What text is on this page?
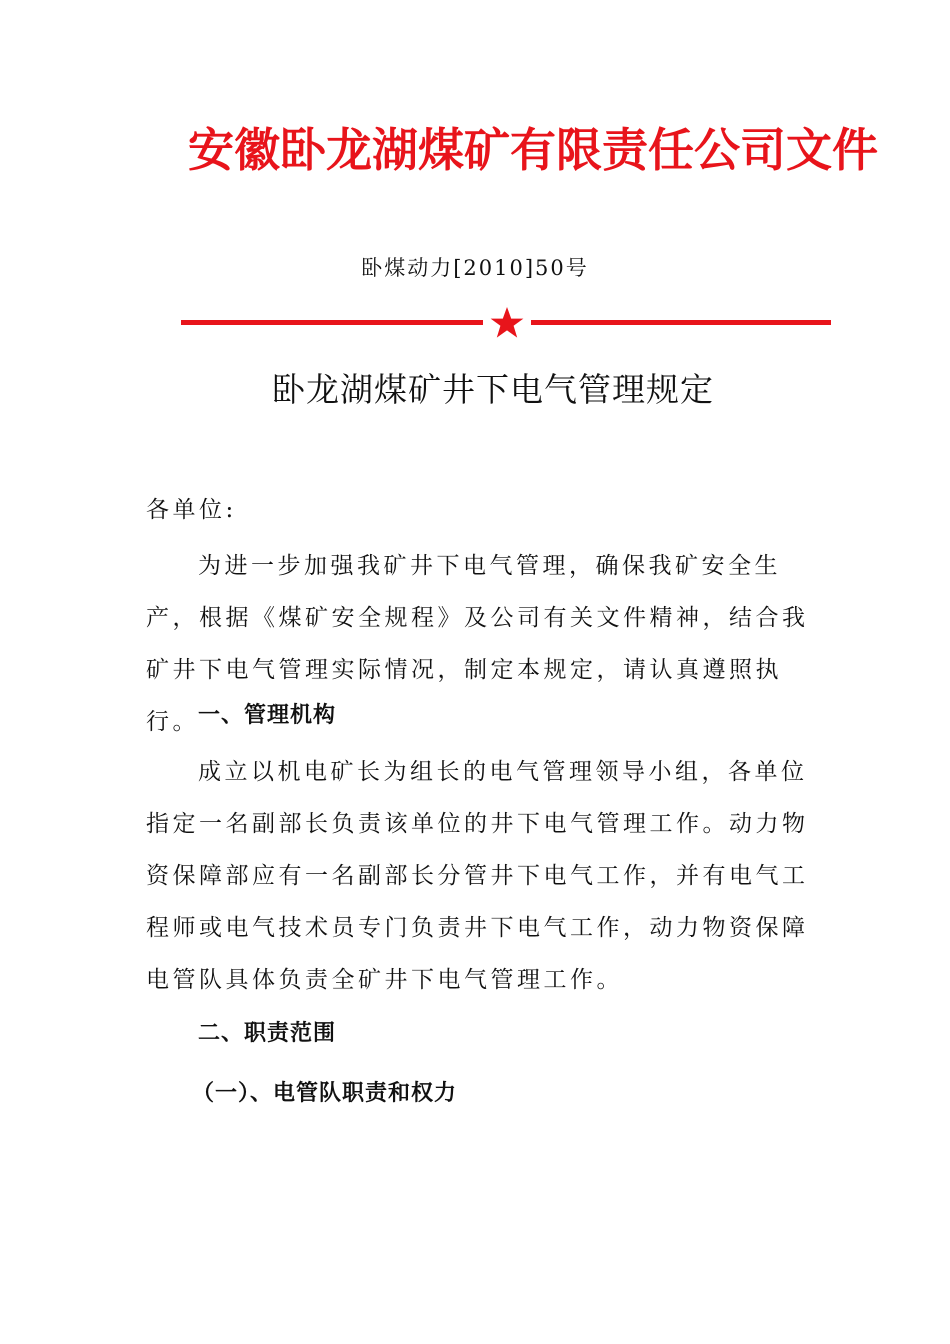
安徽卧龙湖煤矿有限责任公司文件
卧煤动力[2010]50号
卧龙湖煤矿井下电气管理规定
各单位:
为进一步加强我矿井下电气管理，确保我矿安全生产，根据《煤矿安全规程》及公司有关文件精神，结合我矿井下电气管理实际情况，制定本规定，请认真遵照执行。 一、管理机构
成立以机电矿长为组长的电气管理领导小组，各单位指定一名副部长负责该单位的井下电气管理工作。动力物资保障部应有一名副部长分管井下电气工作，并有电气工程师或电气技术员专门负责井下电气工作，动力物资保障电管队具体负责全矿井下电气管理工作。
二、职责范围
（一）、电管队职责和权力
